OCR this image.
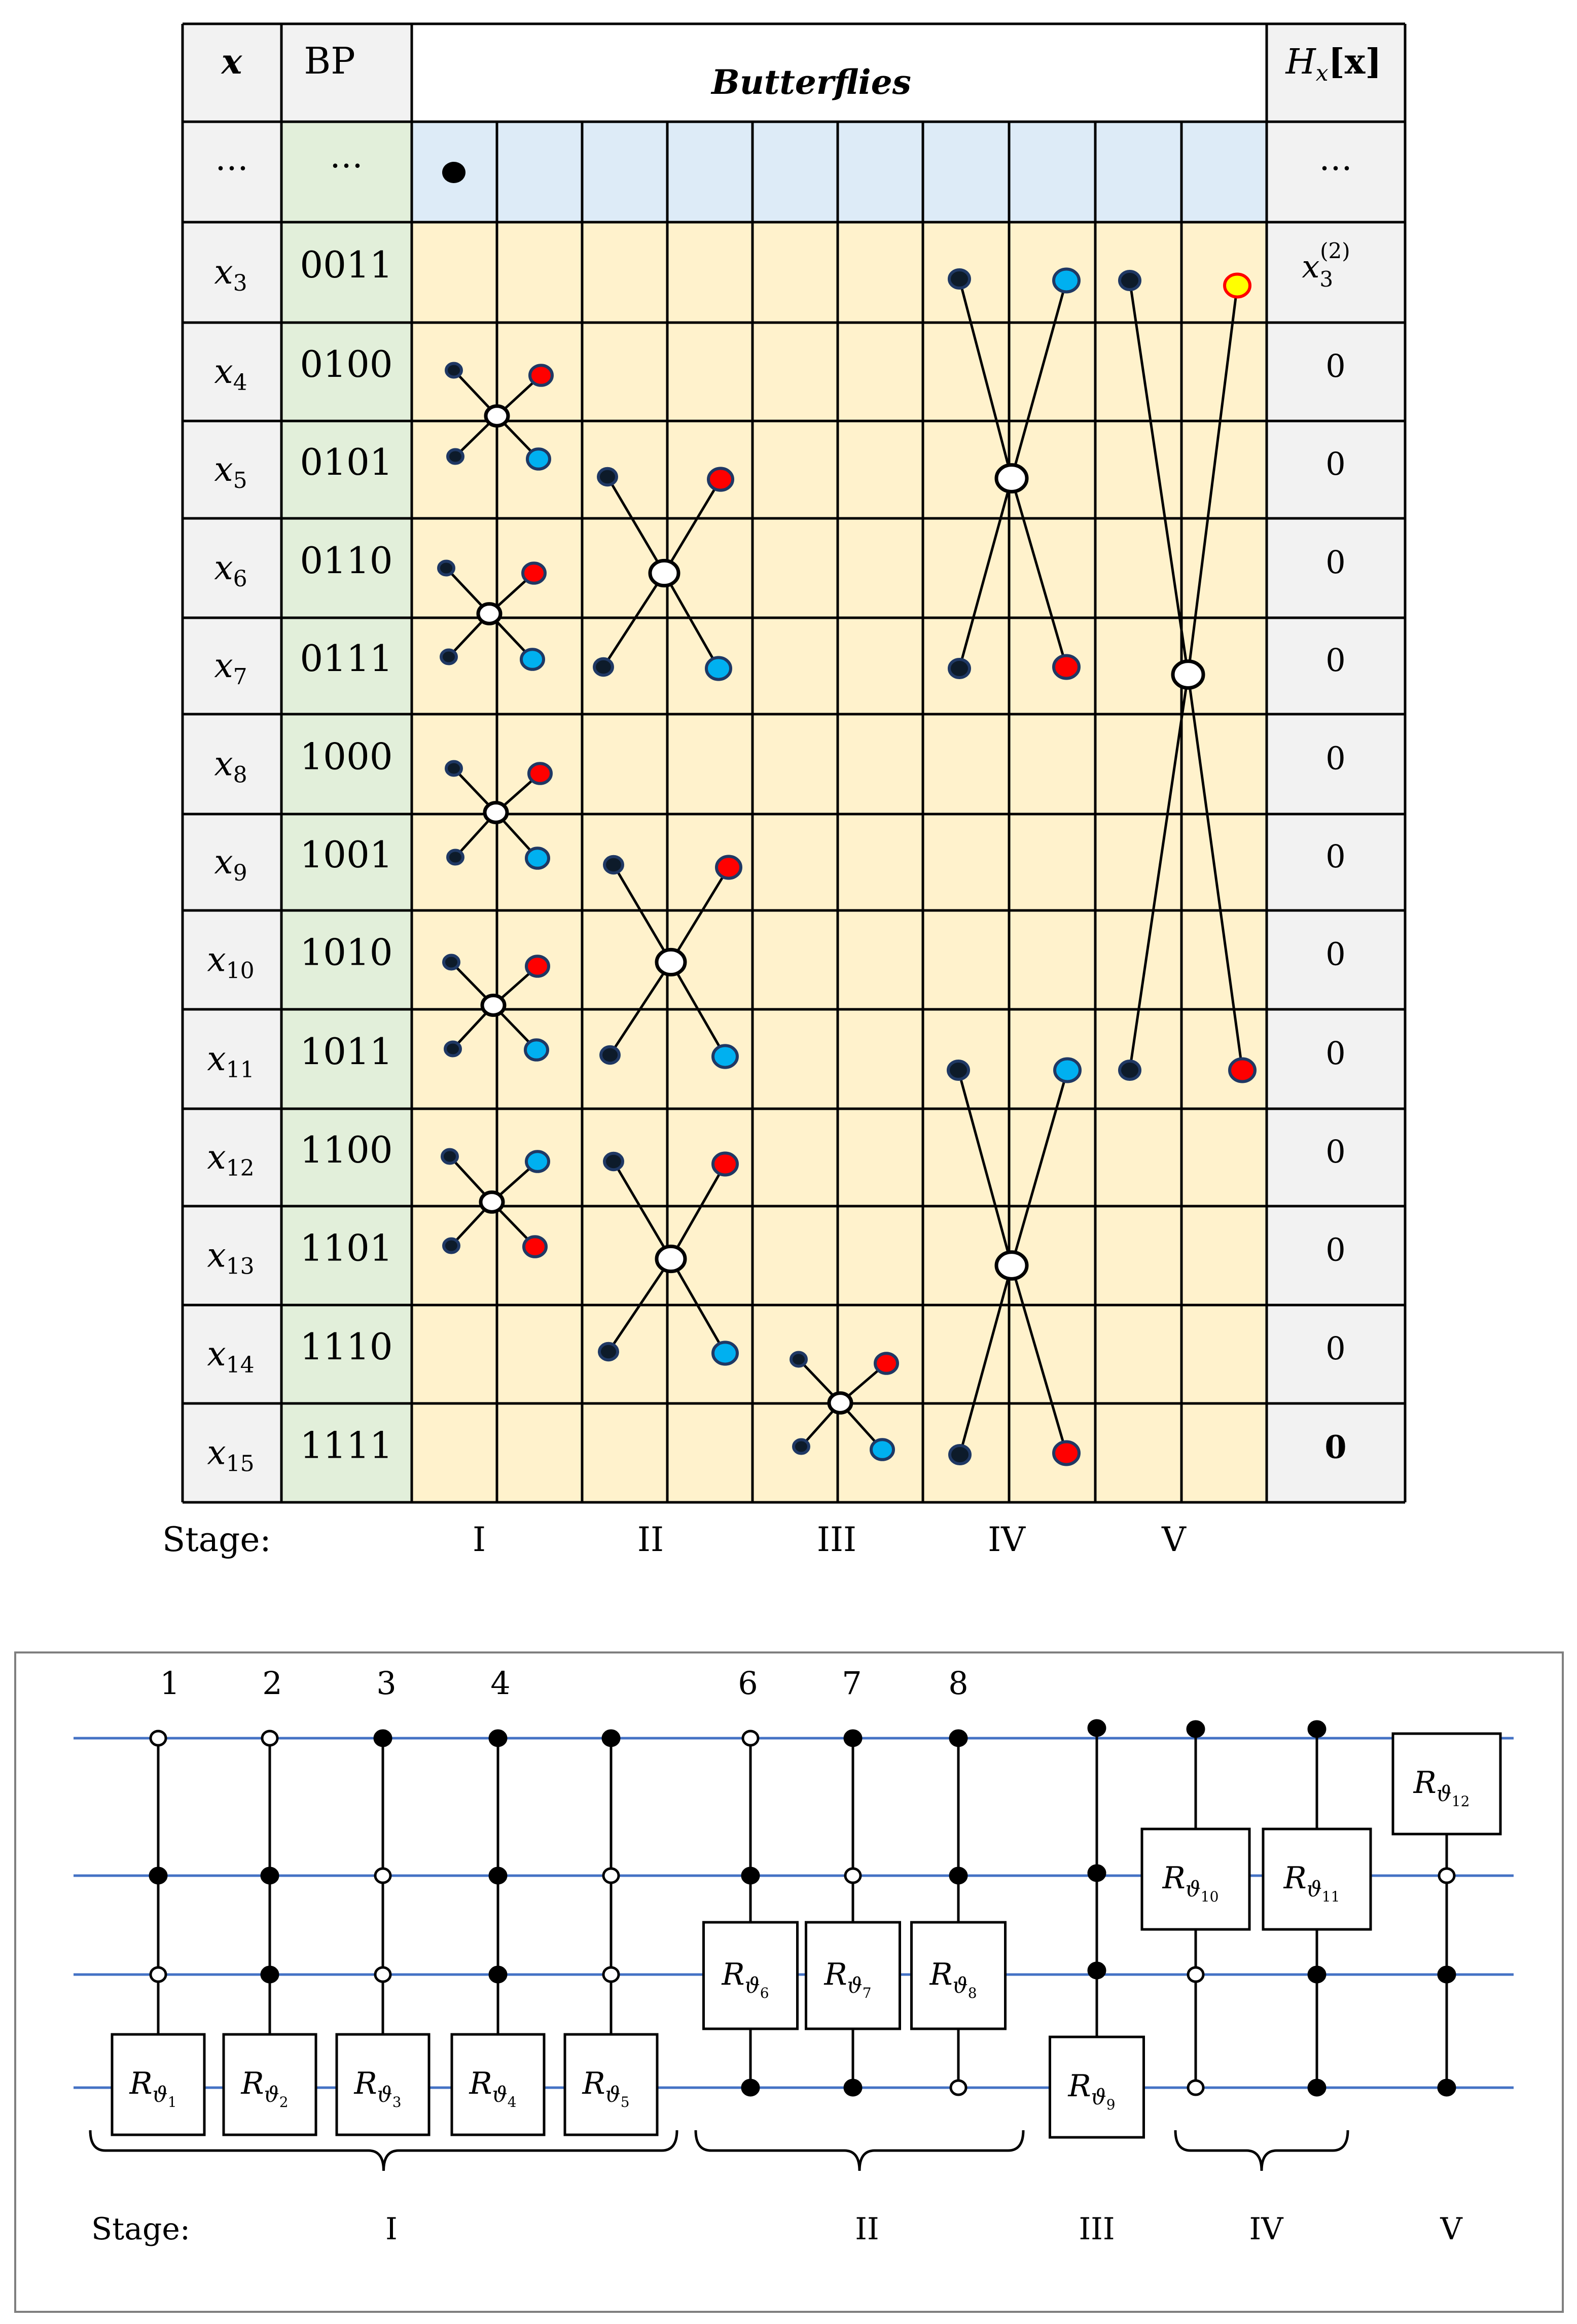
x BP	Butterflies	$H_x[x]$
… …	…
$x_3$ 0011	$x_3(2)$
$x_4$ 0100	0
$x_5$ 0101	0
$x_6$ 0110	0
$x_7$ 0111	0
$x_8$ 1000	0
$x_9$ 1001	0
$x_{10}$ 1010	0
$x_{11}$ 1011	0
$x_{12}$ 1100	0
$x_{13}$ 1101	0
$x_{14}$ 1110	0
$x_{15}$ 1111	0
Stage:	I	II	III	IV	V
1	2	3	4	6	7	8
$R_ϑ1$
$R_ϑ2$
$R_ϑ3$
$R_ϑ4$
$R_ϑ5$
$R_ϑ6$
$R_ϑ7$
$R_ϑ8$
$R_ϑ9$
$R_ϑ10$
$R_ϑ11$
$R_ϑ12$
Stage:	I	II	III	IV	V
